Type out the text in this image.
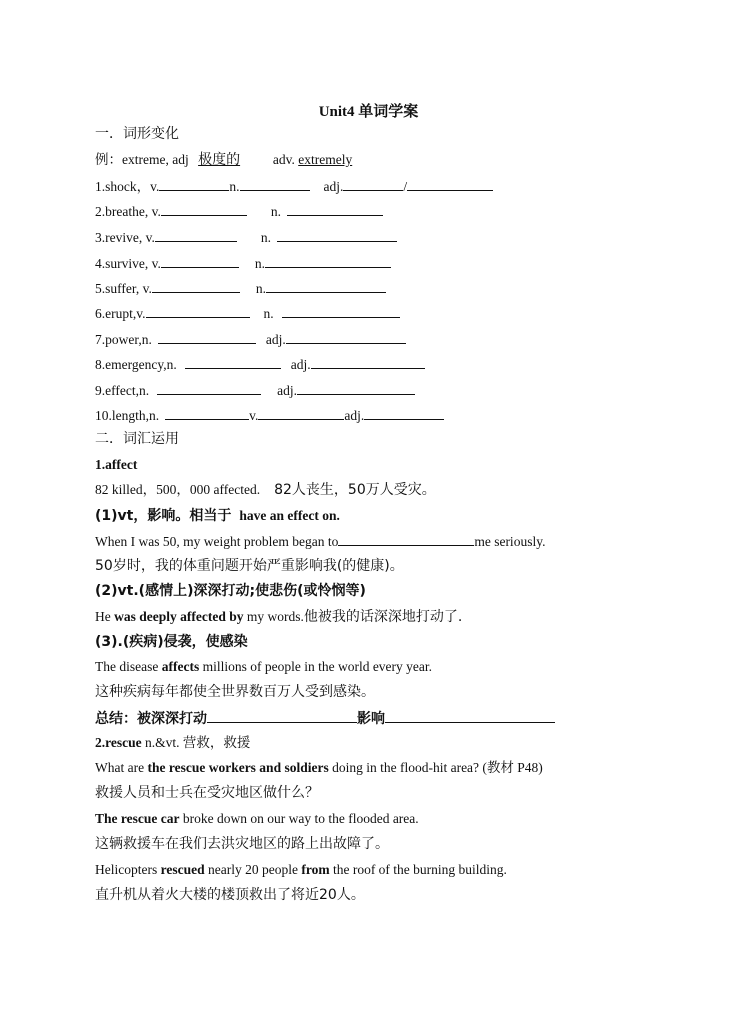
Unit4 单词学案
一．词形变化
例：extreme, adj 极度的 adv. extremely
1.shock，v.	n.	adj.	/
2.breathe, v.	n.
3.revive, v.	n.
4.survive, v.	n.
5.suffer, v.	n.
6.erupt,v.	n.
7.power,n.	adj.
8.emergency,n.	adj.
9.effect,n.	adj.
10.length,n.	v.	adj.
二．词汇运用
1.affect
82 killed，500，000 affected. 82人丧生，50万人受灾。
(1)vt，影响。相当于 have an effect on.
When I was 50, my weight problem began to	me seriously.
50岁时，我的体重问题开始严重影响我(的健康)。
(2)vt.(感情上)深深打动;使悲伤(或怜悯等)
He was deeply affected by my words.他被我的话深深地打动了.
(3).(疾病)侵袭，使感染
The disease affects millions of people in the world every year.
这种疾病每年都使全世界数百万人受到感染。
总结：被深深打动	影响
2.rescue n.&vt. 营救，救援
What are the rescue workers and soldiers doing in the flood-hit area? (教材 P48)
救援人员和士兵在受灾地区做什么？
The rescue car broke down on our way to the flooded area.
这辆救援车在我们去洪灾地区的路上出故障了。
Helicopters rescued nearly 20 people from the roof of the burning building.
直升机从着火大楼的楼顶救出了将近20人。
